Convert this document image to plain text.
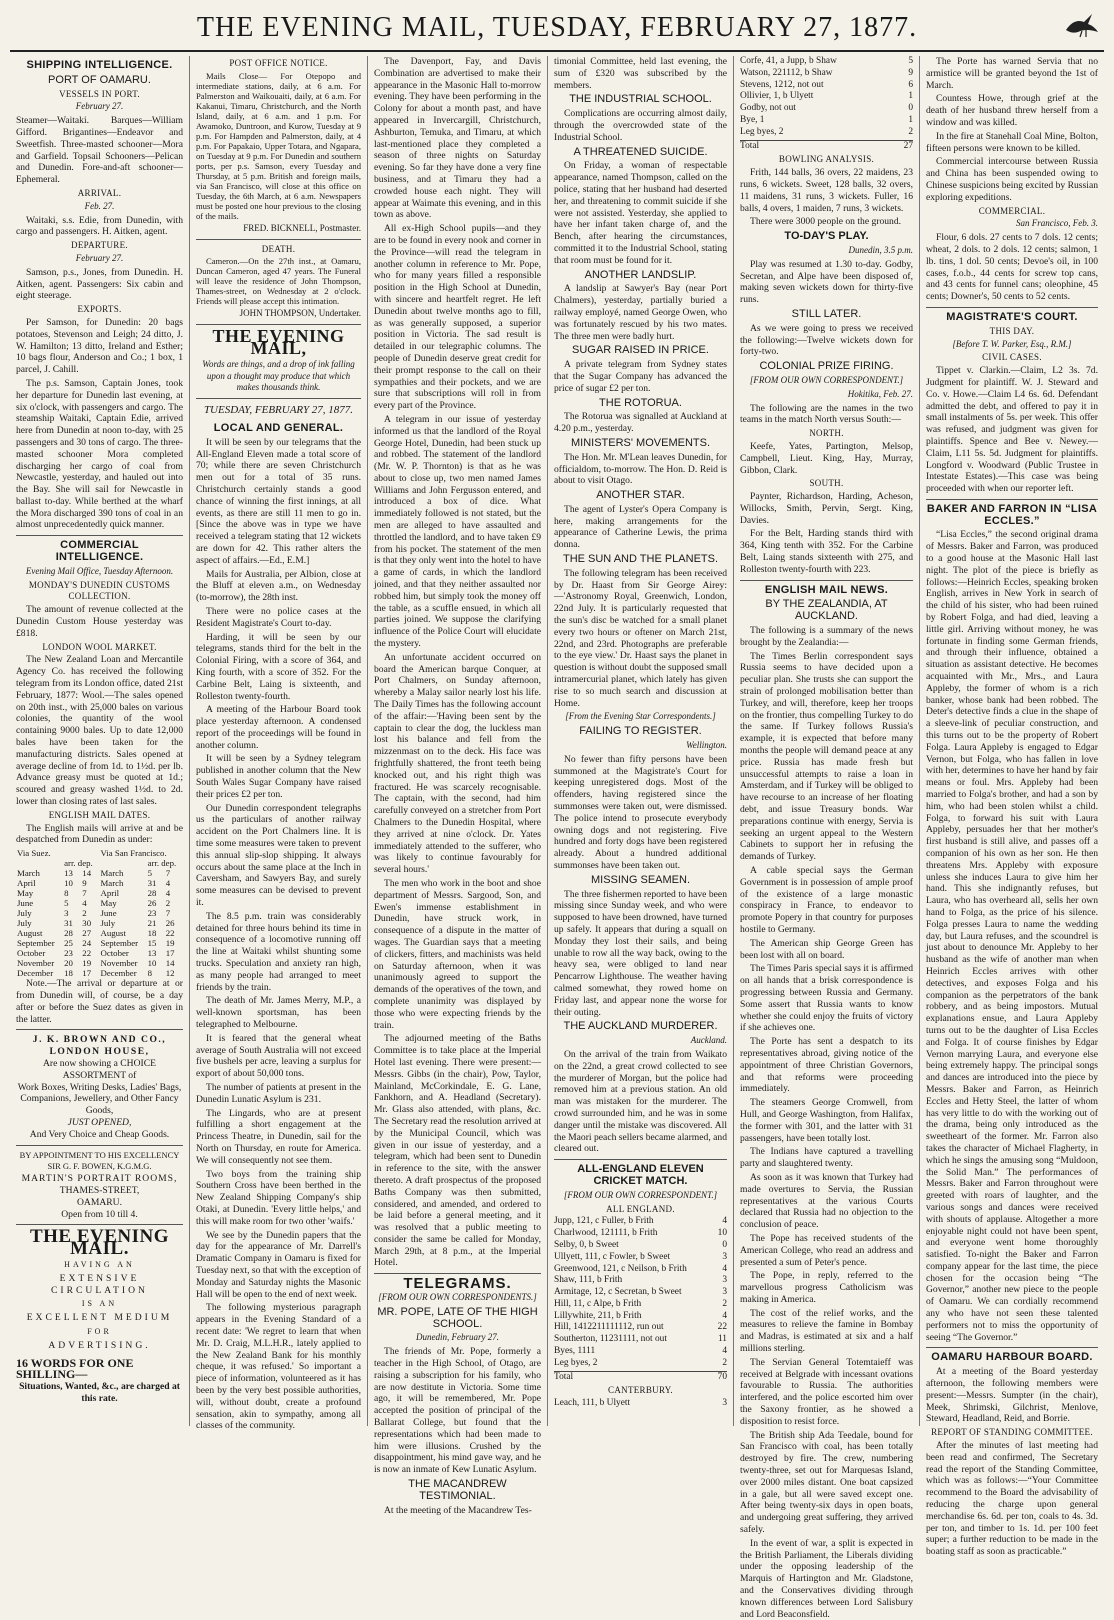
THE EVENING MAIL, TUESDAY, FEBRUARY 27, 1877.
SHIPPING INTELLIGENCE.
PORT OF OAMARU.
VESSELS IN PORT.
February 27.

Steamer—Waitaki. Barques—William Gifford. Brigantines—Endeavor and Sweetfish. Three-masted schooner—Mora and Garfield. Topsail Schooners—Pelican and Dunedin. Fore-and-aft schooner—Ephemeral.

ARRIVAL.
Feb. 27.

Waitaki, s.s. Edie, from Dunedin, with cargo and passengers. H. Aitken, agent.

DEPARTURE.
February 27.

Samson, p.s., Jones, from Dunedin. H. Aitken, agent. Passengers: Six cabin and eight steerage.

EXPORTS.

Per Samson, for Dunedin: 20 bags potatoes, Stevenson and Leigh; 24 ditto, J. W. Hamilton; 13 ditto, Ireland and Esther; 10 bags flour, Anderson and Co.; 1 box, 1 parcel, J. Cahill.

The p.s. Samson, Captain Jones, took her departure for Dunedin last evening, at six o'clock, with passengers and cargo. The steamship Waitaki, Captain Edie, arrived here from Dunedin at noon to-day, with 25 passengers and 30 tons of cargo. The three-masted schooner Mora completed discharging her cargo of coal from Newcastle, yesterday, and hauled out into the Bay. She will sail for Newcastle in ballast to-day. While berthed at the wharf the Mora discharged 390 tons of coal in an almost unprecedentedly quick manner.

COMMERCIAL INTELLIGENCE.
Evening Mail Office, Tuesday Afternoon.
MONDAY'S DUNEDIN CUSTOMS COLLECTION.

The amount of revenue collected at the Dunedin Custom House yesterday was £818.

LONDON WOOL MARKET.

The New Zealand Loan and Mercantile Agency Co. has received the following telegram from its London office, dated 21st February, 1877: Wool.—The sales opened on 20th inst., with 25,000 bales on various colonies, the quantity of the wool containing 9000 bales. Up to date 12,000 bales have been taken for the manufacturing districts. Sales opened at average decline of from 1d. to 1½d. per lb. Advance greasy must be quoted at 1d.; scoured and greasy washed 1½d. to 2d. lower than closing rates of last sales.

ENGLISH MAIL DATES.

The English mails will arrive at and be despatched from Dunedin as under:

Via Suez.			Via San Francisco.		
	arr. dep.			arr. dep.	
March	13	14	March	5	7
April	10	9	March	31	4
May	8	7	April	28	4
June	5	4	May	26	2
July	3	2	June	23	7
July	31	30	July	21	26
August	28	27	August	18	22
September	25	24	September	15	19
October	23	22	October	13	17
November	20	19	November	10	14
December	18	17	December	8	12

Note.—The arrival or departure at or from Dunedin will, of course, be a day after or before the Suez dates as given in the latter.

J. K. BROWN AND CO., LONDON HOUSE,
Are now showing a CHOICE ASSORTMENT of
Work Boxes, Writing Desks, Ladies' Bags, Companions, Jewellery, and Other Fancy Goods,
JUST OPENED,
And Very Choice and Cheap Goods.
BY APPOINTMENT TO HIS EXCELLENCY
SIR G. F. BOWEN, K.G.M.G.
MARTIN'S PORTRAIT ROOMS,
THAMES-STREET,
OAMARU.
Open from 10 till 4.
THE EVENING MAIL.
HAVING AN
EXTENSIVE CIRCULATION
IS AN
EXCELLENT MEDIUM
FOR
ADVERTISING.
16 WORDS FOR ONE SHILLING—
Situations, Wanted, &c., are charged at this rate.
POST OFFICE NOTICE.

Mails Close— For Otepopo and intermediate stations, daily, at 6 a.m. For Palmerston and Waikouaiti, daily, at 6 a.m. For Kakanui, Timaru, Christchurch, and the North Island, daily, at 6 a.m. and 1 p.m. For Awamoko, Duntroon, and Kurow, Tuesday at 9 p.m. For Hampden and Palmerston, daily, at 4 p.m. For Papakaio, Upper Totara, and Ngapara, on Tuesday at 9 p.m. For Dunedin and southern ports, per p.s. Samson, every Tuesday and Thursday, at 5 p.m. British and foreign mails, via San Francisco, will close at this office on Tuesday, the 6th March, at 6 a.m. Newspapers must be posted one hour previous to the closing of the mails.

FRED. BICKNELL, Postmaster.
DEATH.

Cameron.—On the 27th inst., at Oamaru, Duncan Cameron, aged 47 years. The Funeral will leave the residence of John Thompson, Thames-street, on Wednesday at 2 o'clock. Friends will please accept this intimation.

JOHN THOMPSON, Undertaker.
THE EVENING MAIL,
Words are things, and a drop of ink falling upon a thought may produce that which makes thousands think.
TUESDAY, FEBRUARY 27, 1877.
LOCAL AND GENERAL.

It will be seen by our telegrams that the All-England Eleven made a total score of 70; while there are seven Christchurch men out for a total of 35 runs. Christchurch certainly stands a good chance of winning the first innings, at all events, as there are still 11 men to go in. [Since the above was in type we have received a telegram stating that 12 wickets are down for 42. This rather alters the aspect of affairs.—Ed., E.M.]

Mails for Australia, per Albion, close at the Bluff at eleven a.m., on Wednesday (to-morrow), the 28th inst.

There were no police cases at the Resident Magistrate's Court to-day.

Harding, it will be seen by our telegrams, stands third for the belt in the Colonial Firing, with a score of 364, and King fourth, with a score of 352. For the Carbine Belt, Laing is sixteenth, and Rolleston twenty-fourth.

A meeting of the Harbour Board took place yesterday afternoon. A condensed report of the proceedings will be found in another column.

It will be seen by a Sydney telegram published in another column that the New South Wales Sugar Company have raised their prices £2 per ton.

Our Dunedin correspondent telegraphs us the particulars of another railway accident on the Port Chalmers line. It is time some measures were taken to prevent this annual slip-slop shipping. It always occurs about the same place at the Inch in Caversham, and Sawyers Bay, and surely some measures can be devised to prevent it.

The 8.5 p.m. train was considerably detained for three hours behind its time in consequence of a locomotive running off the line at Waitaki whilst shunting some trucks. Speculation and anxiety ran high, as many people had arranged to meet friends by the train.

The death of Mr. James Merry, M.P., a well-known sportsman, has been telegraphed to Melbourne.

It is feared that the general wheat average of South Australia will not exceed five bushels per acre, leaving a surplus for export of about 50,000 tons.

The number of patients at present in the Dunedin Lunatic Asylum is 231.

The Lingards, who are at present fulfilling a short engagement at the Princess Theatre, in Dunedin, sail for the North on Thursday, en route for America. We will consequently not see them.

Two boys from the training ship Southern Cross have been berthed in the New Zealand Shipping Company's ship Otaki, at Dunedin. 'Every little helps,' and this will make room for two other 'waifs.'

We see by the Dunedin papers that the day for the appearance of Mr. Darrell's Dramatic Company in Oamaru is fixed for Tuesday next, so that with the exception of Monday and Saturday nights the Masonic Hall will be open to the end of next week.

The following mysterious paragraph appears in the Evening Standard of a recent date: 'We regret to learn that when Mr. D. Craig, M.L.H.R., lately applied to the New Zealand Bank for his monthly cheque, it was refused.' So important a piece of information, volunteered as it has been by the very best possible authorities, will, without doubt, create a profound sensation, akin to sympathy, among all classes of the community.

The Davenport, Fay, and Davis Combination are advertised to make their appearance in the Masonic Hall to-morrow evening. They have been performing in the Colony for about a month past, and have appeared in Invercargill, Christchurch, Ashburton, Temuka, and Timaru, at which last-mentioned place they completed a season of three nights on Saturday evening. So far they have done a very fine business, and at Timaru they had a crowded house each night. They will appear at Waimate this evening, and in this town as above.

All ex-High School pupils—and they are to be found in every nook and corner in the Province—will read the telegram in another column in reference to Mr. Pope, who for many years filled a responsible position in the High School at Dunedin, with sincere and heartfelt regret. He left Dunedin about twelve months ago to fill, as was generally supposed, a superior position in Victoria. The sad result is detailed in our telegraphic columns. The people of Dunedin deserve great credit for their prompt response to the call on their sympathies and their pockets, and we are sure that subscriptions will roll in from every part of the Province.

A telegram in our issue of yesterday informed us that the landlord of the Royal George Hotel, Dunedin, had been stuck up and robbed. The statement of the landlord (Mr. W. P. Thornton) is that as he was about to close up, two men named James Williams and John Fergusson entered, and introduced a box of dice. What immediately followed is not stated, but the men are alleged to have assaulted and throttled the landlord, and to have taken £9 from his pocket. The statement of the men is that they only went into the hotel to have a game of cards, in which the landlord joined, and that they neither assaulted nor robbed him, but simply took the money off the table, as a scuffle ensued, in which all parties joined. We suppose the clarifying influence of the Police Court will elucidate the mystery.

An unfortunate accident occurred on board the American barque Conquer, at Port Chalmers, on Sunday afternoon, whereby a Malay sailor nearly lost his life. The Daily Times has the following account of the affair:—'Having been sent by the captain to clear the dog, the luckless man lost his balance and fell from the mizzenmast on to the deck. His face was frightfully shattered, the front teeth being knocked out, and his right thigh was fractured. He was scarcely recognisable. The captain, with the second, had him carefully conveyed on a stretcher from Port Chalmers to the Dunedin Hospital, where they arrived at nine o'clock. Dr. Yates immediately attended to the sufferer, who was likely to continue favourably for several hours.'

The men who work in the boot and shoe department of Messrs. Sargood, Son, and Ewen's immense establishment in Dunedin, have struck work, in consequence of a dispute in the matter of wages. The Guardian says that a meeting of clickers, fitters, and machinists was held on Saturday afternoon, when it was unanimously agreed to support the demands of the operatives of the town, and complete unanimity was displayed by those who were expecting friends by the train.

The adjourned meeting of the Baths Committee is to take place at the Imperial Hotel last evening. There were present:—Messrs. Gibbs (in the chair), Pow, Taylor, Mainland, McCorkindale, E. G. Lane, Fankhorn, and A. Headland (Secretary). Mr. Glass also attended, with plans, &c. The Secretary read the resolution arrived at by the Municipal Council, which was given in our issue of yesterday, and a telegram, which had been sent to Dunedin in reference to the site, with the answer thereto. A draft prospectus of the proposed Baths Company was then submitted, considered, and amended, and ordered to be laid before a general meeting, and it was resolved that a public meeting to consider the same be called for Monday, March 29th, at 8 p.m., at the Imperial Hotel.

TELEGRAMS.
[FROM OUR OWN CORRESPONDENTS.]
MR. POPE, LATE OF THE HIGH SCHOOL.
Dunedin, February 27.

The friends of Mr. Pope, formerly a teacher in the High School, of Otago, are raising a subscription for his family, who are now destitute in Victoria. Some time ago, it will be remembered, Mr. Pope accepted the position of principal of the Ballarat College, but found that the representations which had been made to him were illusions. Crushed by the disappointment, his mind gave way, and he is now an inmate of Kew Lunatic Asylum.

THE MACANDREW TESTIMONIAL.

At the meeting of the Macandrew Tes-

timonial Committee, held last evening, the sum of £320 was subscribed by the members.

THE INDUSTRIAL SCHOOL.

Complications are occurring almost daily, through the overcrowded state of the Industrial School.

A THREATENED SUICIDE.

On Friday, a woman of respectable appearance, named Thompson, called on the police, stating that her husband had deserted her, and threatening to commit suicide if she were not assisted. Yesterday, she applied to have her infant taken charge of, and the Bench, after hearing the circumstances, committed it to the Industrial School, stating that room must be found for it.

ANOTHER LANDSLIP.

A landslip at Sawyer's Bay (near Port Chalmers), yesterday, partially buried a railway employé, named George Owen, who was fortunately rescued by his two mates. The three men were badly hurt.

SUGAR RAISED IN PRICE.

A private telegram from Sydney states that the Sugar Company has advanced the price of sugar £2 per ton.

THE ROTORUA.

The Rotorua was signalled at Auckland at 4.20 p.m., yesterday.

MINISTERS' MOVEMENTS.

The Hon. Mr. M'Lean leaves Dunedin, for officialdom, to-morrow. The Hon. D. Reid is about to visit Otago.

ANOTHER STAR.

The agent of Lyster's Opera Company is here, making arrangements for the appearance of Catherine Lewis, the prima donna.

THE SUN AND THE PLANETS.

The following telegram has been received by Dr. Haast from Sir George Airey:—'Astronomy Royal, Greenwich, London, 22nd July. It is particularly requested that the sun's disc be watched for a small planet every two hours or oftener on March 21st, 22nd, and 23rd. Photographs are preferable to the eye view.' Dr. Haast says the planet in question is without doubt the supposed small intramercurial planet, which lately has given rise to so much search and discussion at Home.

[From the Evening Star Correspondents.]
FAILING TO REGISTER.
Wellington.

No fewer than fifty persons have been summoned at the Magistrate's Court for keeping unregistered dogs. Most of the offenders, having registered since the summonses were taken out, were dismissed. The police intend to prosecute everybody owning dogs and not registering. Five hundred and forty dogs have been registered already. About a hundred additional summonses have been taken out.

MISSING SEAMEN.

The three fishermen reported to have been missing since Sunday week, and who were supposed to have been drowned, have turned up safely. It appears that during a squall on Monday they lost their sails, and being unable to row all the way back, owing to the heavy sea, were obliged to land near Pencarrow Lighthouse. The weather having calmed somewhat, they rowed home on Friday last, and appear none the worse for their outing.

THE AUCKLAND MURDERER.
Auckland.

On the arrival of the train from Waikato on the 22nd, a great crowd collected to see the murderer of Morgan, but the police had removed him at a previous station. An old man was mistaken for the murderer. The crowd surrounded him, and he was in some danger until the mistake was discovered. All the Maori peach sellers became alarmed, and cleared out.

ALL-ENGLAND ELEVEN CRICKET MATCH.
[FROM OUR OWN CORRESPONDENT.]
ALL ENGLAND.
Jupp, 121, c Fuller, b Frith	4
Charlwood, 121111, b Frith	10
Selby, 0, b Sweet	0
Ullyett, 111, c Fowler, b Sweet	3
Greenwood, 121, c Neilson, b Frith	4
Shaw, 111, b Frith	3
Armitage, 12, c Secretan, b Sweet	3
Hill, 11, c Alpe, b Frith	2
Lillywhite, 211, b Frith	4
Hill, 1412211111112, run out	22
Southerton, 11231111, not out	11
Byes, 1111	4
Leg byes, 2	2
Total	70
CANTERBURY.
Leach, 111, b Ulyett	3
Corfe, 41, a Jupp, b Shaw	5
Watson, 221112, b Shaw	9
Stevens, 1212, not out	6
Ollivier, 1, b Ulyett	1
Godby, not out	0
Bye, 1	1
Leg byes, 2	2
Total	27
BOWLING ANALYSIS.

Frith, 144 balls, 36 overs, 22 maidens, 23 runs, 6 wickets. Sweet, 128 balls, 32 overs, 11 maidens, 31 runs, 3 wickets. Fuller, 16 balls, 4 overs, 1 maiden, 7 runs, 3 wickets.

There were 3000 people on the ground.

TO-DAY'S PLAY.
Dunedin, 3.5 p.m.

Play was resumed at 1.30 to-day. Godby, Secretan, and Alpe have been disposed of, making seven wickets down for thirty-five runs.

STILL LATER.

As we were going to press we received the following:—Twelve wickets down for forty-two.

COLONIAL PRIZE FIRING.
[FROM OUR OWN CORRESPONDENT.]
Hokitika, Feb. 27.

The following are the names in the two teams in the match North versus South:—

NORTH.

Keefe, Yates, Partington, Melsop, Campbell, Lieut. King, Hay, Murray, Gibbon, Clark.

SOUTH.

Paynter, Richardson, Harding, Acheson, Willocks, Smith, Pervin, Sergt. King, Davies.

For the Belt, Harding stands third with 364, King tenth with 352. For the Carbine Belt, Laing stands sixteenth with 275, and Rolleston twenty-fourth with 223.

ENGLISH MAIL NEWS.
BY THE ZEALANDIA, AT AUCKLAND.

The following is a summary of the news brought by the Zealandia:—

The Times Berlin correspondent says Russia seems to have decided upon a peculiar plan. She trusts she can support the strain of prolonged mobilisation better than Turkey, and will, therefore, keep her troops on the frontier, thus compelling Turkey to do the same. If Turkey follows Russia's example, it is expected that before many months the people will demand peace at any price. Russia has made fresh but unsuccessful attempts to raise a loan in Amsterdam, and if Turkey will be obliged to have recourse to an increase of her floating debt, and issue Treasury bonds. War preparations continue with energy, Servia is seeking an urgent appeal to the Western Cabinets to support her in refusing the demands of Turkey.

A cable special says the German Government is in possession of ample proof of the existence of a large monastic conspiracy in France, to endeavor to promote Popery in that country for purposes hostile to Germany.

The American ship George Green has been lost with all on board.

The Times Paris special says it is affirmed on all hands that a brisk correspondence is progressing between Russia and Germany. Some assert that Russia wants to know whether she could enjoy the fruits of victory if she achieves one.

The Porte has sent a despatch to its representatives abroad, giving notice of the appointment of three Christian Governors, and that reforms were proceeding immediately.

The steamers George Cromwell, from Hull, and George Washington, from Halifax, the former with 301, and the latter with 31 passengers, have been totally lost.

The Indians have captured a travelling party and slaughtered twenty.

As soon as it was known that Turkey had made overtures to Servia, the Russian representatives at the various Courts declared that Russia had no objection to the conclusion of peace.

The Pope has received students of the American College, who read an address and presented a sum of Peter's pence.

The Pope, in reply, referred to the marvellous progress Catholicism was making in America.

The cost of the relief works, and the measures to relieve the famine in Bombay and Madras, is estimated at six and a half millions sterling.

The Servian General Totemtaieff was received at Belgrade with incessant ovations favourable to Russia. The authorities interfered, and the police escorted him over the Saxony frontier, as he showed a disposition to resist force.

The British ship Ada Teedale, bound for San Francisco with coal, has been totally destroyed by fire. The crew, numbering twenty-three, set out for Marquesas Island, over 2000 miles distant. One boat capsized in a gale, but all were saved except one. After being twenty-six days in open boats, and undergoing great suffering, they arrived safely.

In the event of war, a split is expected in the British Parliament, the Liberals dividing under the opposing leadership of the Marquis of Hartington and Mr. Gladstone, and the Conservatives dividing through known differences between Lord Salisbury and Lord Beaconsfield.

The Porte has warned Servia that no armistice will be granted beyond the 1st of March.

Countess Howe, through grief at the death of her husband threw herself from a window and was killed.

In the fire at Stanehall Coal Mine, Bolton, fifteen persons were known to be killed.

Commercial intercourse between Russia and China has been suspended owing to Chinese suspicions being excited by Russian exploring expeditions.

COMMERCIAL.
San Francisco, Feb. 3.

Flour, 6 dols. 27 cents to 7 dols. 12 cents; wheat, 2 dols. to 2 dols. 12 cents; salmon, 1 lb. tins, 1 dol. 50 cents; Devoe's oil, in 100 cases, f.o.b., 44 cents for screw top cans, and 43 cents for funnel cans; oleophine, 45 cents; Downer's, 50 cents to 52 cents.

MAGISTRATE'S COURT.
THIS DAY.
[Before T. W. Parker, Esq., R.M.]
CIVIL CASES.

Tippet v. Clarkin.—Claim, L2 3s. 7d. Judgment for plaintiff. W. J. Steward and Co. v. Howe.—Claim L4 6s. 6d. Defendant admitted the debt, and offered to pay it in small instalments of 5s. per week. This offer was refused, and judgment was given for plaintiffs. Spence and Bee v. Newey.—Claim, L11 5s. 5d. Judgment for plaintiffs. Longford v. Woodward (Public Trustee in Intestate Estates).—This case was being proceeded with when our reporter left.

BAKER AND FARRON IN “LISA ECCLES.”

“Lisa Eccles,” the second original drama of Messrs. Baker and Farron, was produced to a good house at the Masonic Hall last night. The plot of the piece is briefly as follows:—Heinrich Eccles, speaking broken English, arrives in New York in search of the child of his sister, who had been ruined by Robert Folga, and had died, leaving a little girl. Arriving without money, he was fortunate in finding some German friends, and through their influence, obtained a situation as assistant detective. He becomes acquainted with Mr., Mrs., and Laura Appleby, the former of whom is a rich banker, whose bank had been robbed. The Deter's detective finds a clue in the shape of a sleeve-link of peculiar construction, and this turns out to be the property of Robert Folga. Laura Appleby is engaged to Edgar Vernon, but Folga, who has fallen in love with her, determines to have her hand by fair means or foul. Mrs. Appleby had been married to Folga's brother, and had a son by him, who had been stolen whilst a child. Folga, to forward his suit with Laura Appleby, persuades her that her mother's first husband is still alive, and passes off a companion of his own as her son. He then threatens Mrs. Appleby with exposure unless she induces Laura to give him her hand. This she indignantly refuses, but Laura, who has overheard all, sells her own hand to Folga, as the price of his silence. Folga presses Laura to name the wedding day, but Laura refuses, and the scoundrel is just about to denounce Mr. Appleby to her husband as the wife of another man when Heinrich Eccles arrives with other detectives, and exposes Folga and his companion as the perpetrators of the bank robbery, and as being impostors. Mutual explanations ensue, and Laura Appleby turns out to be the daughter of Lisa Eccles and Folga. It of course finishes by Edgar Vernon marrying Laura, and everyone else being extremely happy. The principal songs and dances are introduced into the piece by Messrs. Baker and Farron, as Heinrich Eccles and Hetty Steel, the latter of whom has very little to do with the working out of the drama, being only introduced as the sweetheart of the former. Mr. Farron also takes the character of Michael Flagherty, in which he sings the amusing song “Muldoon, the Solid Man.” The performances of Messrs. Baker and Farron throughout were greeted with roars of laughter, and the various songs and dances were received with shouts of applause. Altogether a more enjoyable night could not have been spent, and everyone went home thoroughly satisfied. To-night the Baker and Farron company appear for the last time, the piece chosen for the occasion being “The Governor,” another new piece to the people of Oamaru. We can cordially recommend any who have not seen these talented performers not to miss the opportunity of seeing “The Governor.”

OAMARU HARBOUR BOARD.

At a meeting of the Board yesterday afternoon, the following members were present:—Messrs. Sumpter (in the chair), Meek, Shrimski, Gilchrist, Menlove, Steward, Headland, Reid, and Borrie.

REPORT OF STANDING COMMITTEE.

After the minutes of last meeting had been read and confirmed, The Secretary read the report of the Standing Committee, which was as follows:—“Your Committee recommend to the Board the advisability of reducing the charge upon general merchandise 6s. 6d. per ton, coals to 4s. 3d. per ton, and timber to 1s. 1d. per 100 feet super; a further reduction to be made in the boating staff as soon as practicable.”
